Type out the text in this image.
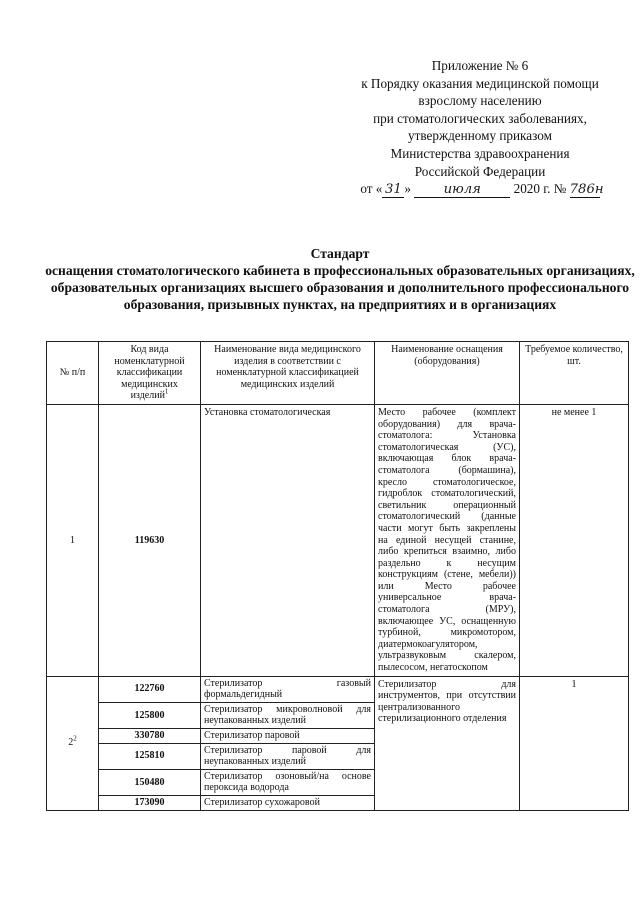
Приложение № 6
к Порядку оказания медицинской помощи
взрослому населению
при стоматологических заболеваниях,
утвержденному приказом
Министерства здравоохранения
Российской Федерации
от « 31 » июля 2020 г. № 786н
Стандарт
оснащения стоматологического кабинета в профессиональных образовательных организациях, образовательных организациях высшего образования и дополнительного профессионального образования, призывных пунктах, на предприятиях и в организациях
№ п/п	Код вида номенклатурной классификации медицинских изделий$^1$	Наименование вида медицинского изделия в соответствии с номенклатурной классификацией медицинских изделий	Наименование оснащения (оборудования)	Требуемое количество, шт.
1	119630	Установка стоматологическая	Место рабочее (комплект оборудования) для врача-стоматолога: Установка стоматологическая (УС), включающая блок врача-стоматолога (бормашина), кресло стоматологическое, гидроблок стоматологический, светильник операционный стоматологический (данные части могут быть закреплены на единой несущей станине, либо крепиться взаимно, либо раздельно к несущим конструкциям (стене, мебели)) или Место рабочее универсальное врача-стоматолога (МРУ), включающее УС, оснащенную турбиной, микромотором, диатермокоагулятором, ультразвуковым скалером, пылесосом, негатоскопом	не менее 1
$2^2$	122760	Стерилизатор газовый формальдегидный	Стерилизатор для инструментов, при отсутствии централизованного стерилизационного отделения	1
	125800	Стерилизатор микроволновой для неупакованных изделий		
	330780	Стерилизатор паровой		
	125810	Стерилизатор паровой для неупакованных изделий		
	150480	Стерилизатор озоновый/на основе пероксида водорода		
	173090	Стерилизатор сухожаровой		
